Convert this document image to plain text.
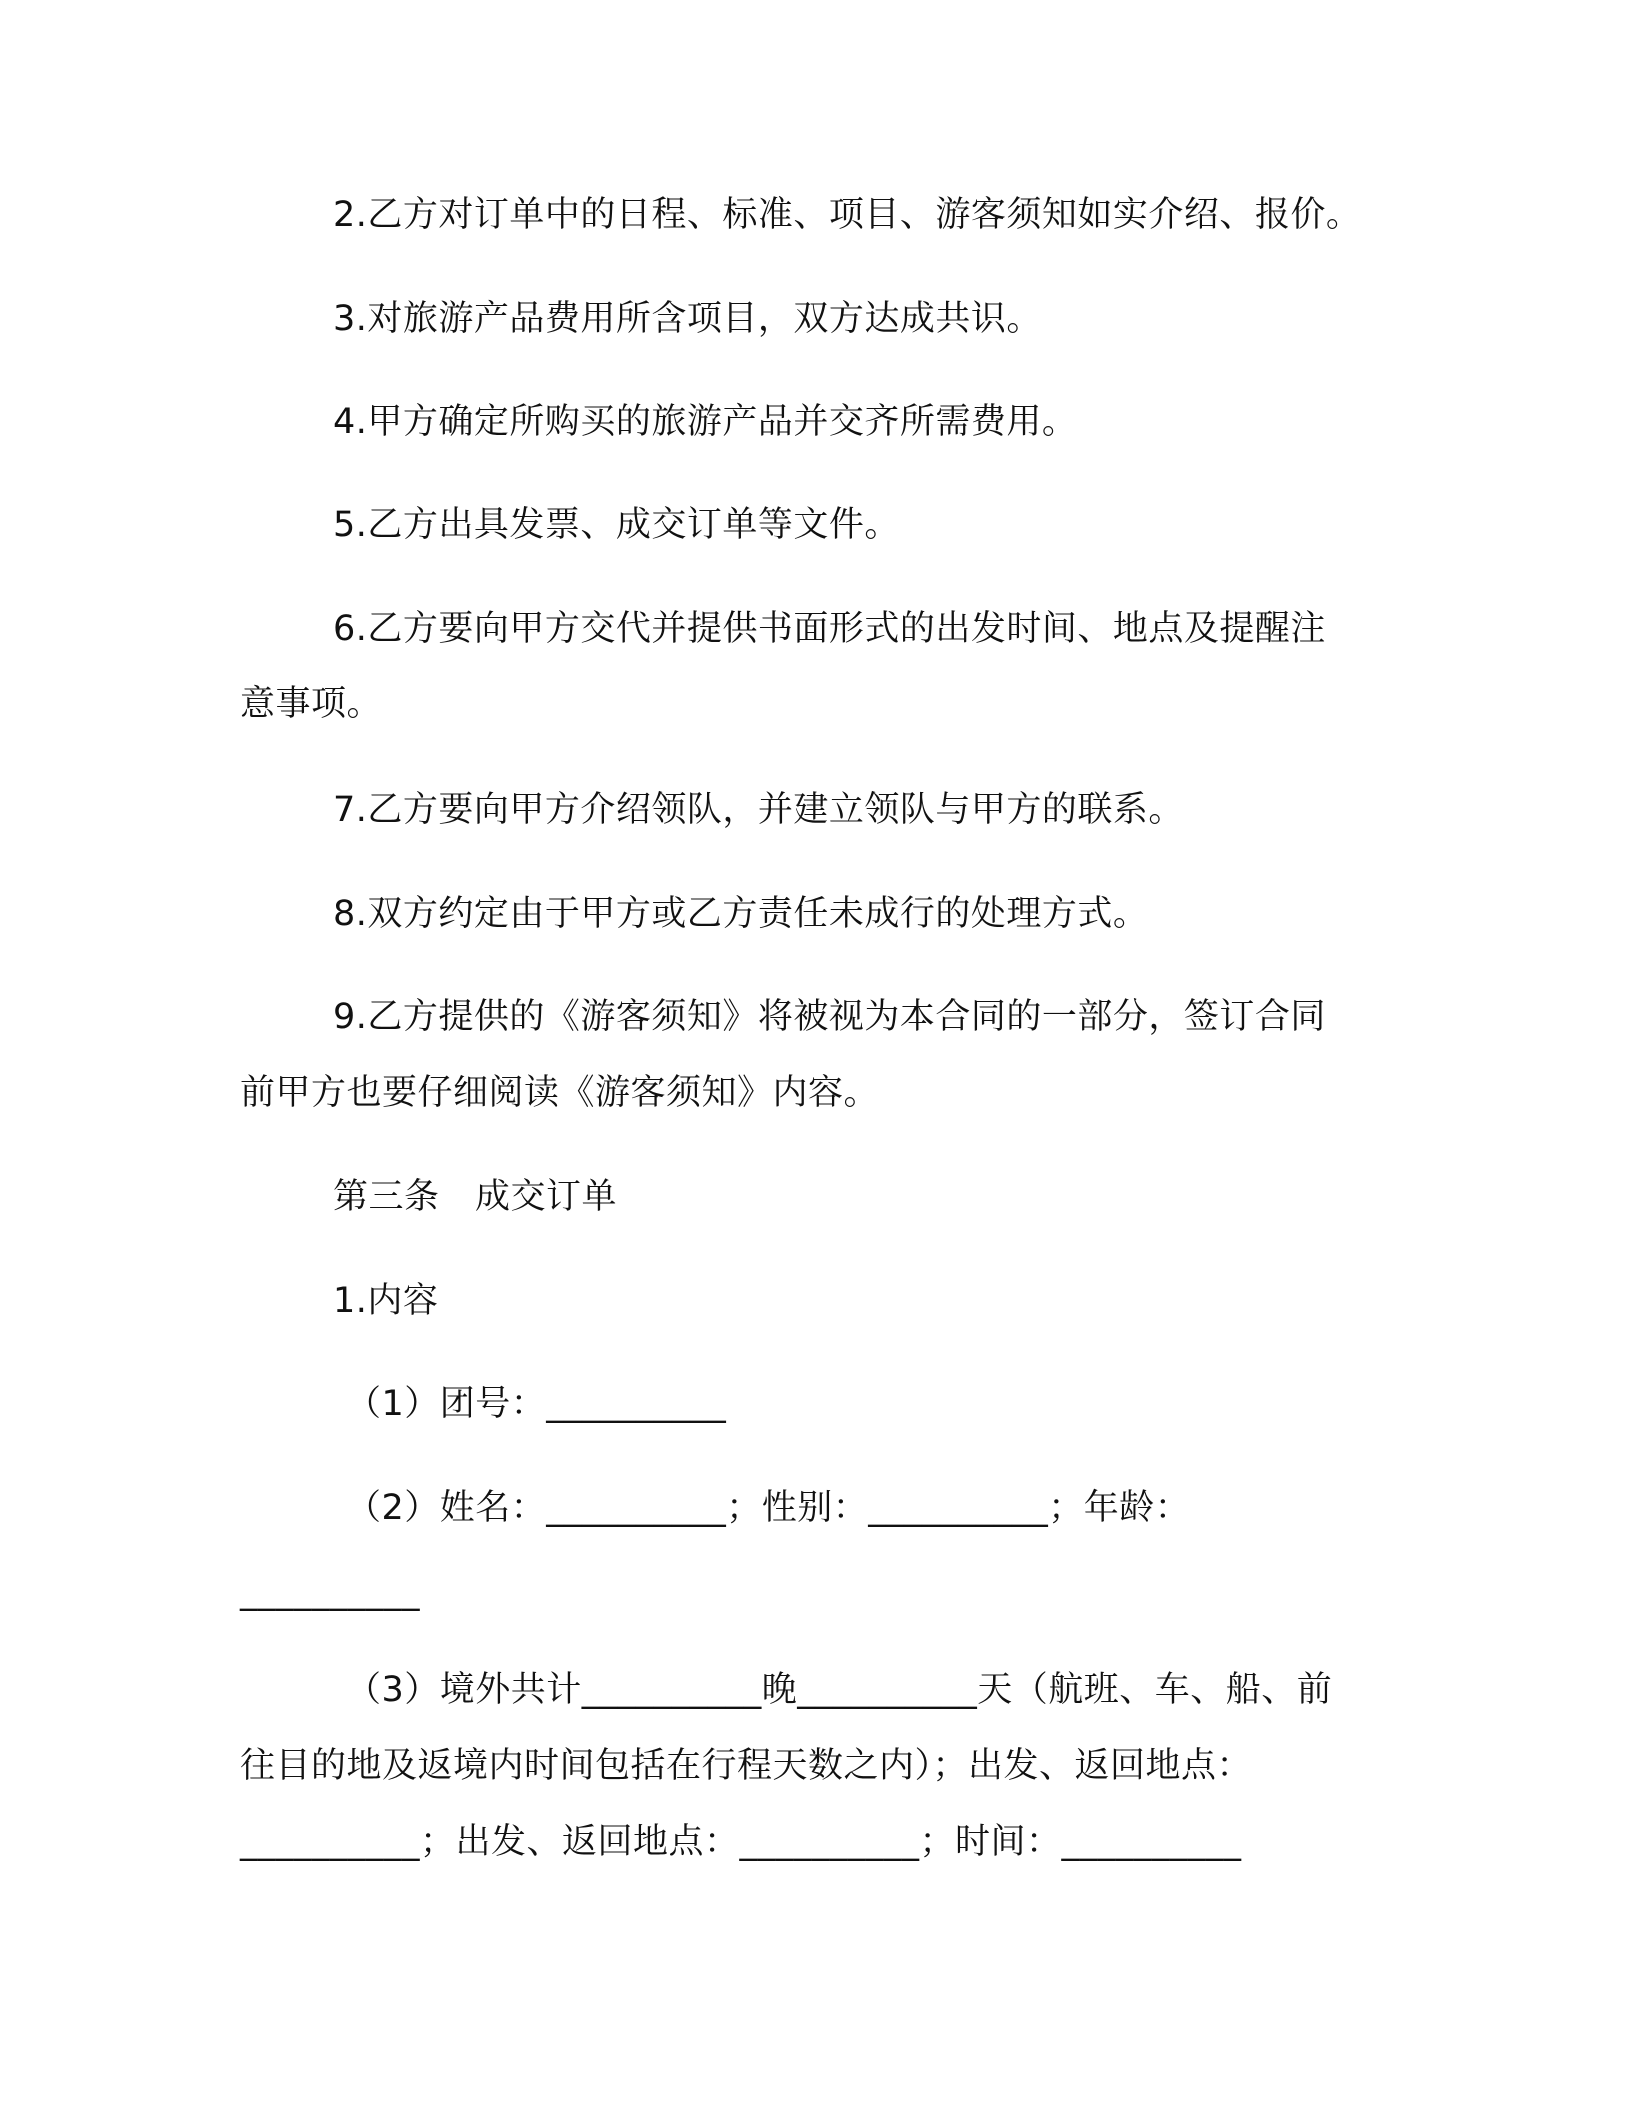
2.乙方对订单中的日程、标准、项目、游客须知如实介绍、报价。
3.对旅游产品费用所含项目，双方达成共识。
4.甲方确定所购买的旅游产品并交齐所需费用。
5.乙方出具发票、成交订单等文件。
6.乙方要向甲方交代并提供书面形式的出发时间、地点及提醒注
意事项。
7.乙方要向甲方介绍领队，并建立领队与甲方的联系。
8.双方约定由于甲方或乙方责任未成行的处理方式。
9.乙方提供的《游客须知》将被视为本合同的一部分，签订合同
前甲方也要仔细阅读《游客须知》内容。
第三条　成交订单
1.内容
（1）团号：__________
（2）姓名：__________；性别：__________；年龄：
__________
（3）境外共计__________晚__________天（航班、车、船、前
往目的地及返境内时间包括在行程天数之内）；出发、返回地点：
__________；出发、返回地点：__________；时间：__________
